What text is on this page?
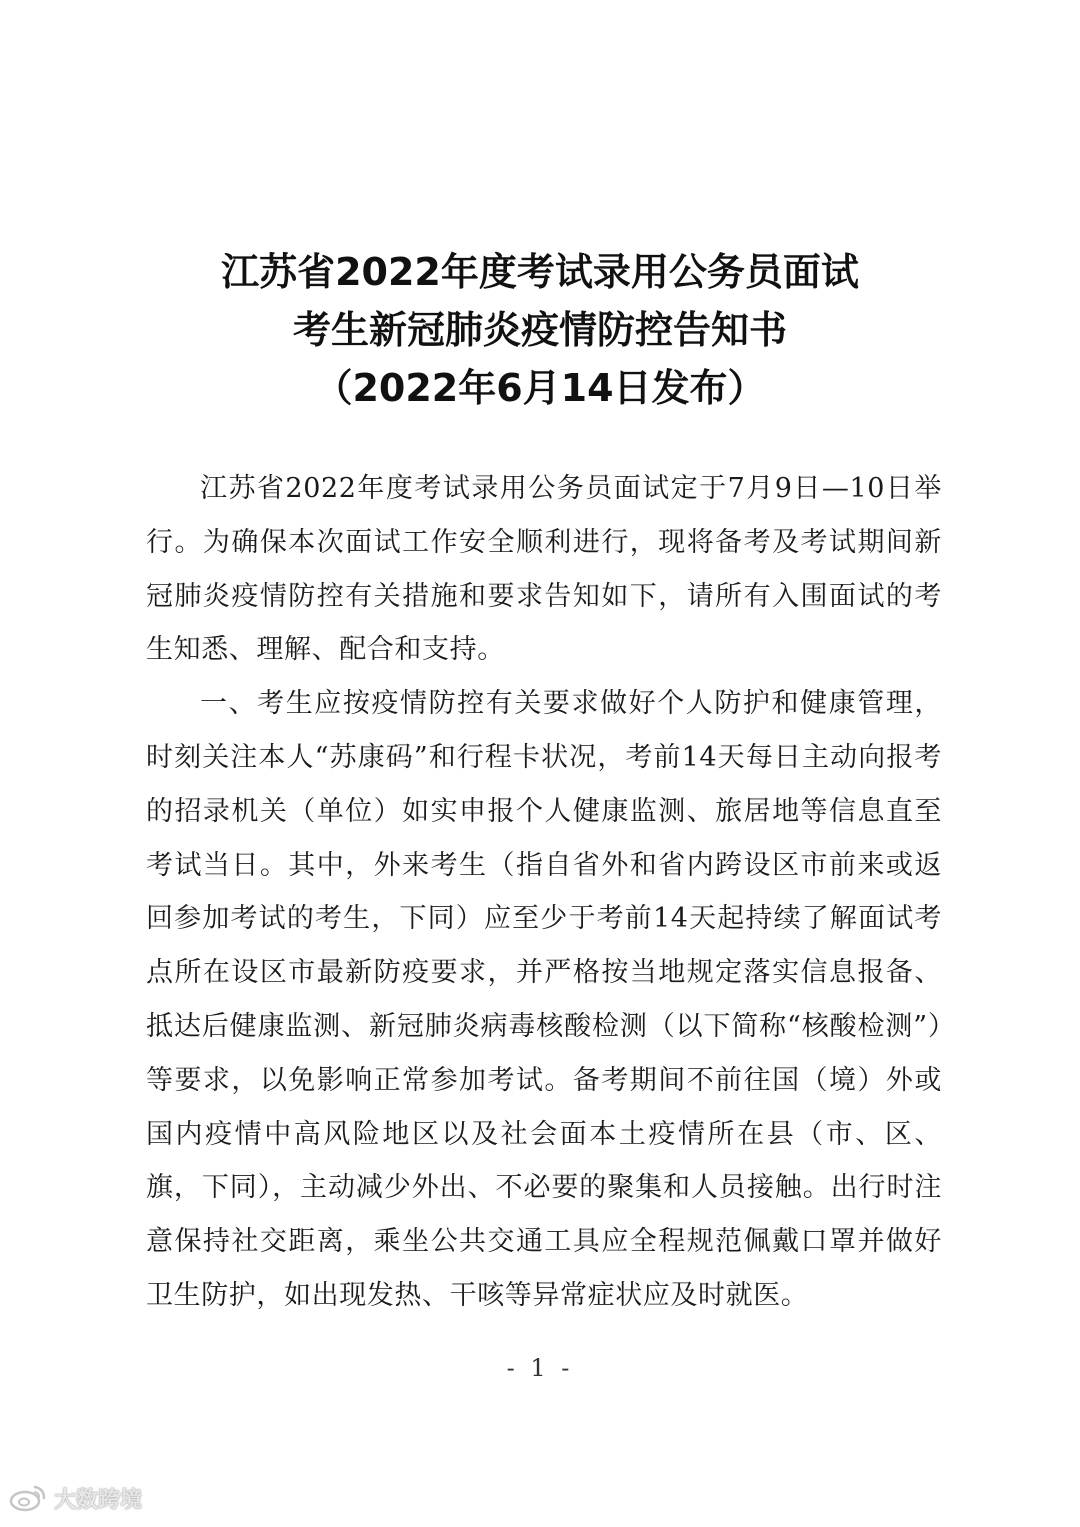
江苏省2022年度考试录用公务员面试
考生新冠肺炎疫情防控告知书
（2022年6月14日发布）

江苏省2022年度考试录用公务员面试定于7月9日—10日举行。为确保本次面试工作安全顺利进行，现将备考及考试期间新冠肺炎疫情防控有关措施和要求告知如下，请所有入围面试的考生知悉、理解、配合和支持。

一、考生应按疫情防控有关要求做好个人防护和健康管理，时刻关注本人“苏康码”和行程卡状况，考前14天每日主动向报考的招录机关（单位）如实申报个人健康监测、旅居地等信息直至考试当日。其中，外来考生（指自省外和省内跨设区市前来或返回参加考试的考生，下同）应至少于考前14天起持续了解面试考点所在设区市最新防疫要求，并严格按当地规定落实信息报备、抵达后健康监测、新冠肺炎病毒核酸检测（以下简称“核酸检测”）等要求，以免影响正常参加考试。备考期间不前往国（境）外或国内疫情中高风险地区以及社会面本土疫情所在县（市、区、旗，下同），主动减少外出、不必要的聚集和人员接触。出行时注意保持社交距离，乘坐公共交通工具应全程规范佩戴口罩并做好卫生防护，如出现发热、干咳等异常症状应及时就医。

- 1 -
大数跨境
